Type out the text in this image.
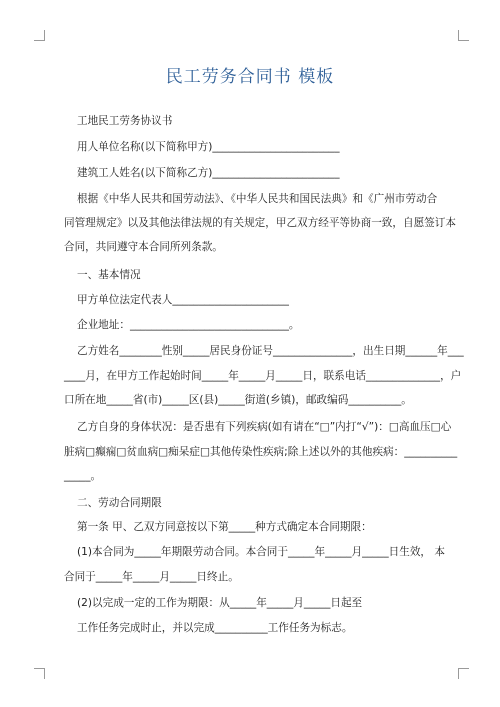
民工劳务合同书 模板
工地民工劳务协议书
用人单位名称(以下简称甲方)________________________
建筑工人姓名(以下简称乙方)________________________
根据《中华人民共和国劳动法》、《中华人民共和国民法典》和《广州市劳动合
同管理规定》以及其他法律法规的有关规定，甲乙双方经平等协商一致，自愿签订本
合同，共同遵守本合同所列条款。
一、基本情况
甲方单位法定代表人______________________
企业地址：______________________________。
乙方姓名________性别_____居民身份证号_______________，出生日期______年___
____月，在甲方工作起始时间_____年_____月_____日，联系电话______________，户
口所在地_____省(市)_____区(县)_____街道(乡镇)，邮政编码__________。
乙方自身的身体状况：是否患有下列疾病(如有请在“□”内打“√”)：□高血压□心
脏病□癫痫□贫血病□痴呆症□其他传染性疾病;除上述以外的其他疾病：__________
_____。
二、劳动合同期限
第一条 甲、乙双方同意按以下第_____种方式确定本合同期限：
(1)本合同为_____年期限劳动合同。本合同于_____年_____月_____日生效， 本
合同于_____年_____月_____日终止。
(2)以完成一定的工作为期限：从_____年_____月_____日起至
工作任务完成时止，并以完成__________工作任务为标志。
